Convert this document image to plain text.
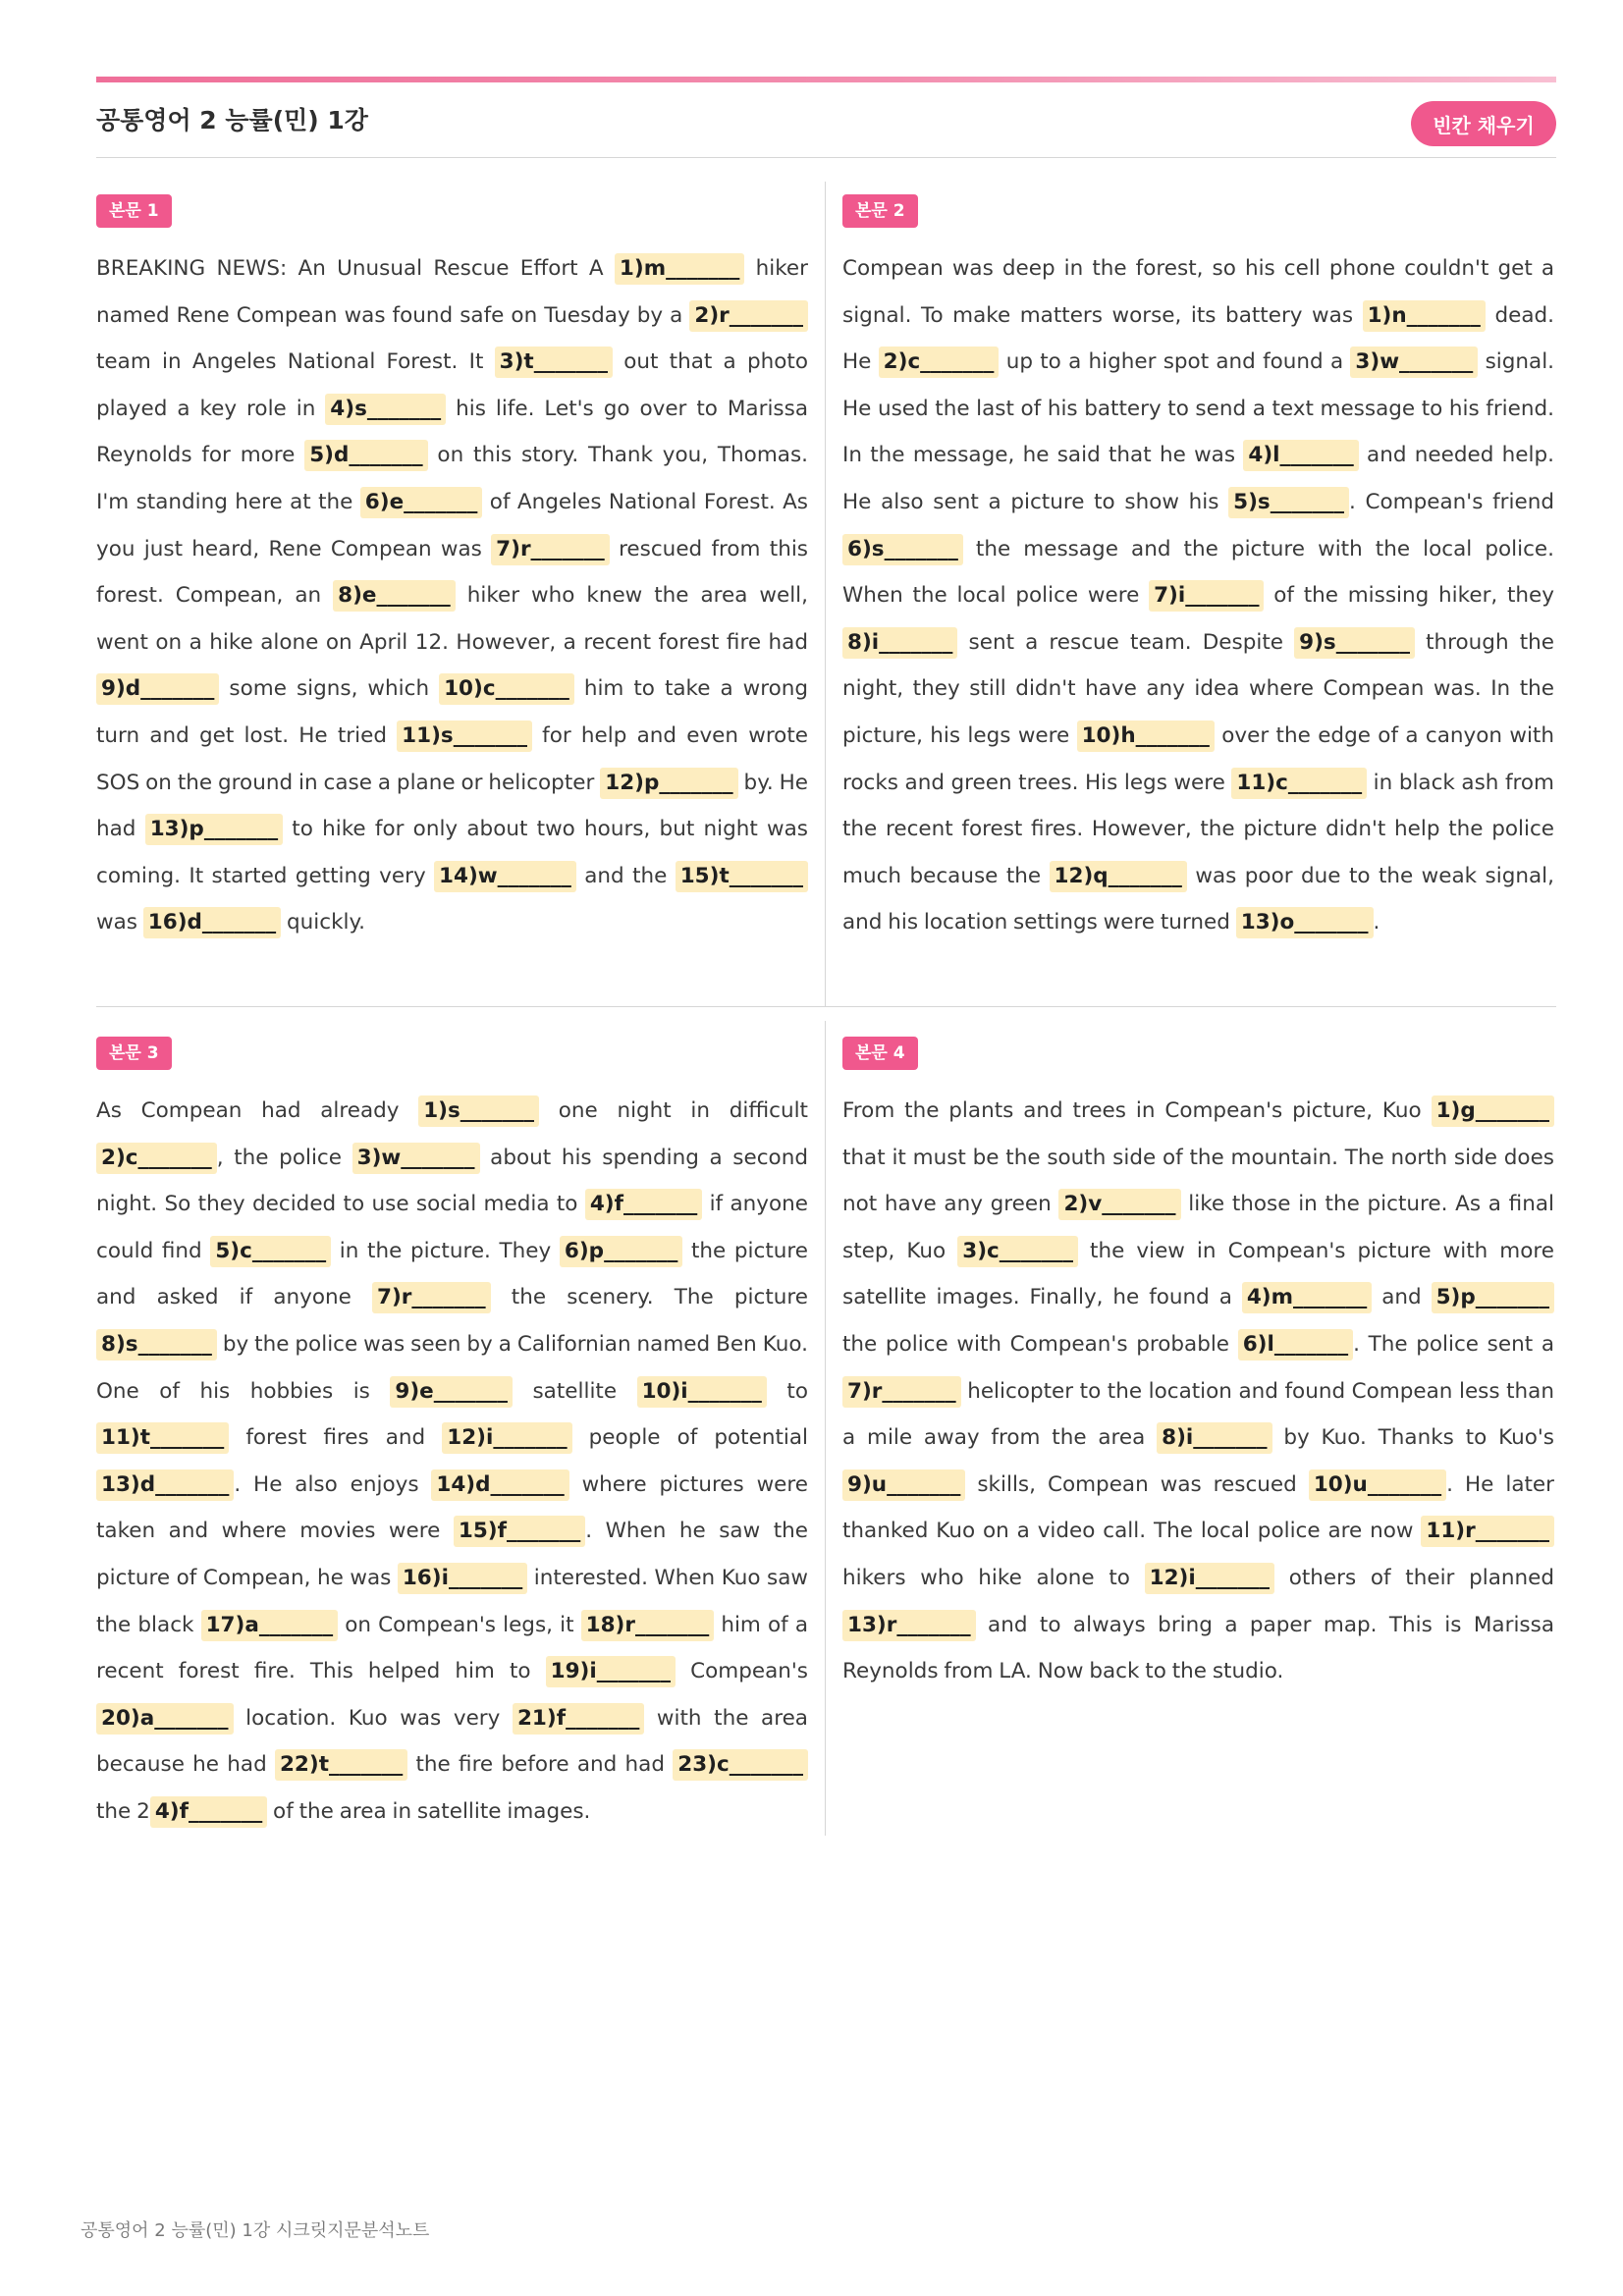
공통영어 2 능률(민) 1강	빈칸 채우기
본문 1
BREAKING NEWS: An Unusual Rescue Effort A 1)m_______ hiker named Rene Compean was found safe on Tuesday by a 2)r_______ team in Angeles National Forest. It 3)t_______ out that a photo played a key role in 4)s_______ his life. Let's go over to Marissa Reynolds for more 5)d_______ on this story. Thank you, Thomas. I'm standing here at the 6)e_______ of Angeles National Forest. As you just heard, Rene Compean was 7)r_______ rescued from this forest. Compean, an 8)e_______ hiker who knew the area well, went on a hike alone on April 12. However, a recent forest fire had 9)d_______ some signs, which 10)c_______ him to take a wrong turn and get lost. He tried 11)s_______ for help and even wrote SOS on the ground in case a plane or helicopter 12)p_______ by. He had 13)p_______ to hike for only about two hours, but night was coming. It started getting very 14)w_______ and the 15)t_______ was 16)d_______ quickly.
본문 2
Compean was deep in the forest, so his cell phone couldn't get a signal. To make matters worse, its battery was 1)n_______ dead. He 2)c_______ up to a higher spot and found a 3)w_______ signal. He used the last of his battery to send a text message to his friend. In the message, he said that he was 4)l_______ and needed help. He also sent a picture to show his 5)s_______ . Compean's friend 6)s_______ the message and the picture with the local police. When the local police were 7)i_______ of the missing hiker, they 8)i_______ sent a rescue team. Despite 9)s_______ through the night, they still didn't have any idea where Compean was. In the picture, his legs were 10)h_______ over the edge of a canyon with rocks and green trees. His legs were 11)c_______ in black ash from the recent forest fires. However, the picture didn't help the police much because the 12)q_______ was poor due to the weak signal, and his location settings were turned 13)o_______ .
본문 3
As Compean had already 1)s_______ one night in difficult 2)c_______ , the police 3)w_______ about his spending a second night. So they decided to use social media to 4)f_______ if anyone could find 5)c_______ in the picture. They 6)p_______ the picture and asked if anyone 7)r_______ the scenery. The picture 8)s_______ by the police was seen by a Californian named Ben Kuo. One of his hobbies is 9)e_______ satellite 10)i_______ to 11)t_______ forest fires and 12)i_______ people of potential 13)d_______ . He also enjoys 14)d_______ where pictures were taken and where movies were 15)f_______ . When he saw the picture of Compean, he was 16)i_______ interested. When Kuo saw the black 17)a_______ on Compean's legs, it 18)r_______ him of a recent forest fire. This helped him to 19)i_______ Compean's 20)a_______ location. Kuo was very 21)f_______ with the area because he had 22)t_______ the fire before and had 23)c_______ the 2 4)f_______ of the area in satellite images.
본문 4
From the plants and trees in Compean's picture, Kuo 1)g_______ that it must be the south side of the mountain. The north side does not have any green 2)v_______ like those in the picture. As a final step, Kuo 3)c_______ the view in Compean's picture with more satellite images. Finally, he found a 4)m_______ and 5)p_______ the police with Compean's probable 6)l_______ . The police sent a 7)r_______ helicopter to the location and found Compean less than a mile away from the area 8)i_______ by Kuo. Thanks to Kuo's 9)u_______ skills, Compean was rescued 10)u_______ . He later thanked Kuo on a video call. The local police are now 11)r_______ hikers who hike alone to 12)i_______ others of their planned 13)r_______ and to always bring a paper map. This is Marissa Reynolds from LA. Now back to the studio.
공통영어 2 능률(민) 1강 시크릿지문분석노트
